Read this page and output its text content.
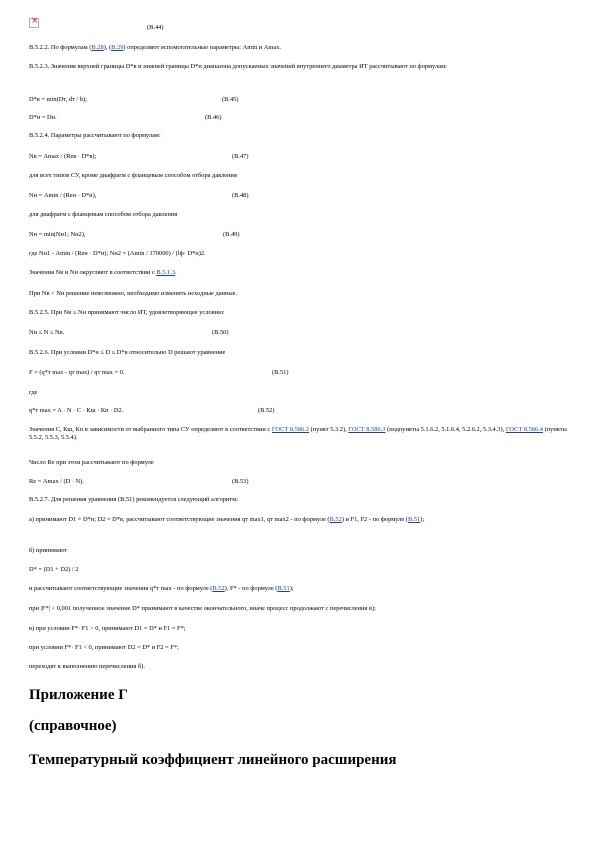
×
(В.44)
В.5.2.2. По формулам (В.28), (В.29) определяют вспомогательные параметры: Аmin и Аmax.
В.5.2.3. Значения верхней границы D*в и нижней границы D*н диапазона допускаемых значений внутреннего диаметра ИТ рассчитывают по формулам:
D*в = min(Dт, dт / b);	(В.45)
D*н = Dн.	(В.46)
В.5.2.4. Параметры рассчитывают по формулам:
Nв = Аmax / (Reв · D*в);	(В.47)
для всех типов СУ, кроме диафрагм с фланцевым способом отбора давления
Nн = Аmin / (Reн · D*н),	(В.48)
для диафрагм с фланцевым способом отбора давления
Nн = min(Nн1; Nн2),	(В.49)
где Nн1 - Аmin / (Reн · D*н); Nн2 = (Аmin / 170000) / (lф· D*н)2.
Значения Nв и Nн округляют в соответствии с В.5.1.3.
При Nв < Nн решение невозможно, необходимо изменить исходные данные.
В.5.2.5. При Nв ≤ Nн принимают число ИТ, удовлетворяющее условию:
Nн ≤ N ≤ Nв.	(В.50)
В.5.2.6. При условии D*н ≤ D ≤ D*в относительно D решают уравнение
F = (q*т max - qт max) / qт max = 0.	(В.51)
где
q*т max = A · N · C · Кш · Кп · D2.	(В.52)
Значения C, Кш, Кп в зависимости от выбранного типа СУ определяют в соответствии с ГОСТ 8.586.2 (пункт 5.3.2), ГОСТ 8.586.3 (подпункты 5.1.6.2, 5.1.6.4, 5.2.6.2, 5.3.4.3), ГОСТ 8.586.4 (пункты 5.5.2, 5.5.3, 5.5.4).
Число Re при этом рассчитывают по формуле
Re = Аmax / (D · N).	(В.53)
В.5.2.7. Для решения уравнения (В.51) рекомендуется следующий алгоритм:
а) принимают D1 = D*н; D2 = D*в, рассчитывают соответствующие значения qт max1, qт max2 - по формуле (В.52) и F1, F2 - по формуле (В.51);
б) принимают
D* = (D1 + D2) / 2
и рассчитывают соответствующие значения q*т max - по формуле (В.52), F* - по формуле (В.51);
при |F*| < 0,001 полученное значение D* принимают в качестве окончательного, иначе процесс продолжают с перечисления в);
в) при условии F*· F1 > 0, принимают D1 = D* и F1 = F*;
при условии F*· F1 < 0, принимают D2 = D* и F2 = F*;
переходят к выполнению перечисления б).
Приложение Г
(справочное)
Температурный коэффициент линейного расширения
